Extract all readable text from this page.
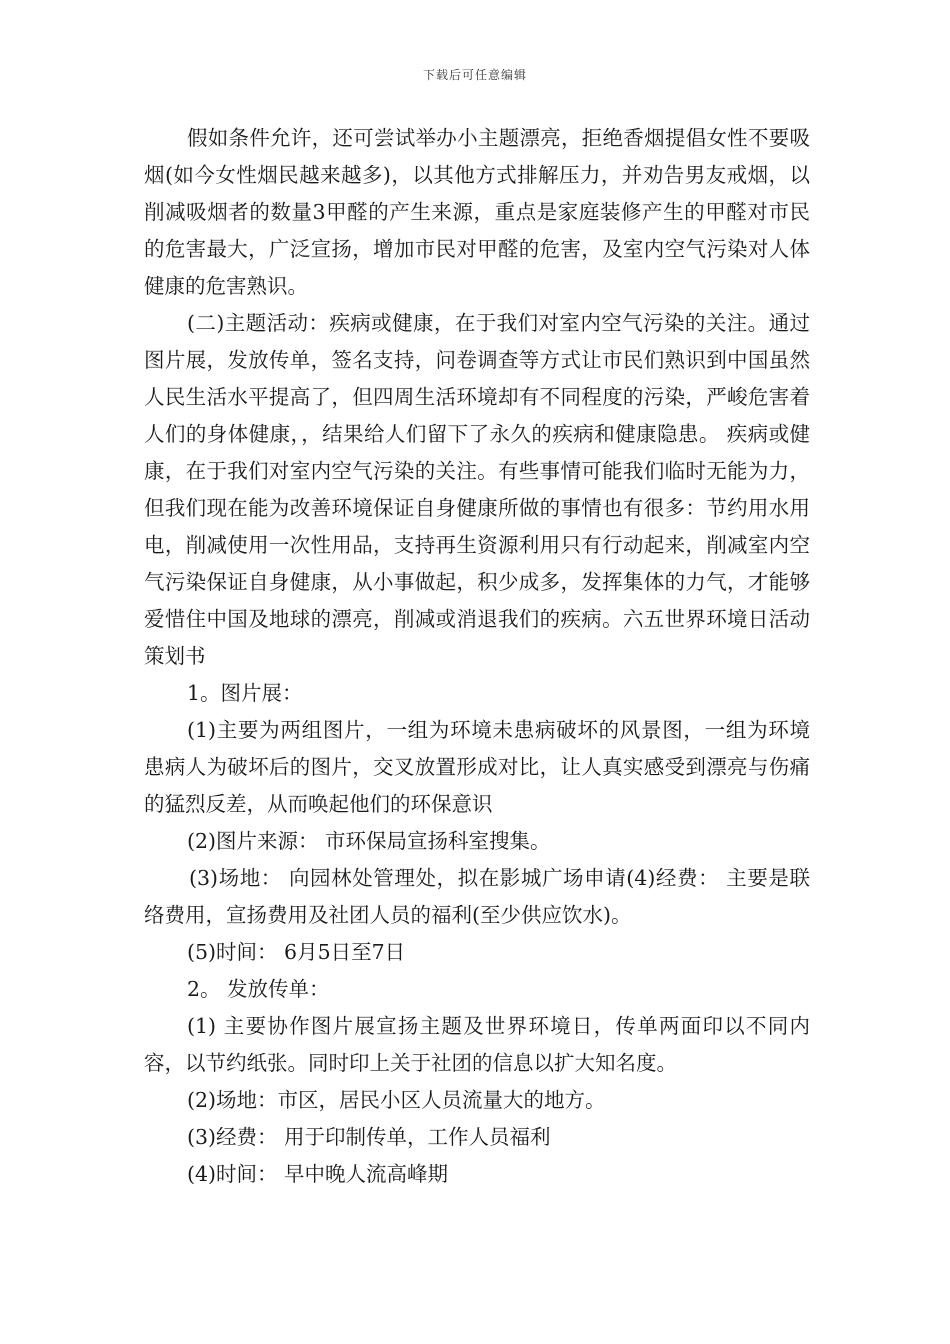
下载后可任意编辑

假如条件允许，还可尝试举办小主题漂亮，拒绝香烟提倡女性不要吸烟(如今女性烟民越来越多)，以其他方式排解压力，并劝告男友戒烟，以削减吸烟者的数量3甲醛的产生来源，重点是家庭装修产生的甲醛对市民的危害最大，广泛宣扬，增加市民对甲醛的危害，及室内空气污染对人体健康的危害熟识。

(二)主题活动：疾病或健康，在于我们对室内空气污染的关注。通过图片展，发放传单，签名支持，问卷调查等方式让市民们熟识到中国虽然人民生活水平提高了，但四周生活环境却有不同程度的污染，严峻危害着人们的身体健康，，结果给人们留下了永久的疾病和健康隐患。 疾病或健康，在于我们对室内空气污染的关注。有些事情可能我们临时无能为力，但我们现在能为改善环境保证自身健康所做的事情也有很多：节约用水用电，削减使用一次性用品，支持再生资源利用只有行动起来，削减室内空气污染保证自身健康，从小事做起，积少成多，发挥集体的力气，才能够爱惜住中国及地球的漂亮，削减或消退我们的疾病。六五世界环境日活动策划书

1。图片展：

(1)主要为两组图片，一组为环境未患病破坏的风景图，一组为环境患病人为破坏后的图片，交叉放置形成对比，让人真实感受到漂亮与伤痛的猛烈反差，从而唤起他们的环保意识

(2)图片来源： 市环保局宣扬科室搜集。

(3)场地： 向园林处管理处，拟在影城广场申请(4)经费： 主要是联络费用，宣扬费用及社团人员的福利(至少供应饮水)。

(5)时间： 6月5日至7日

2。 发放传单：

(1) 主要协作图片展宣扬主题及世界环境日，传单两面印以不同内容，以节约纸张。同时印上关于社团的信息以扩大知名度。

(2)场地：市区，居民小区人员流量大的地方。

(3)经费： 用于印制传单，工作人员福利

(4)时间： 早中晚人流高峰期
